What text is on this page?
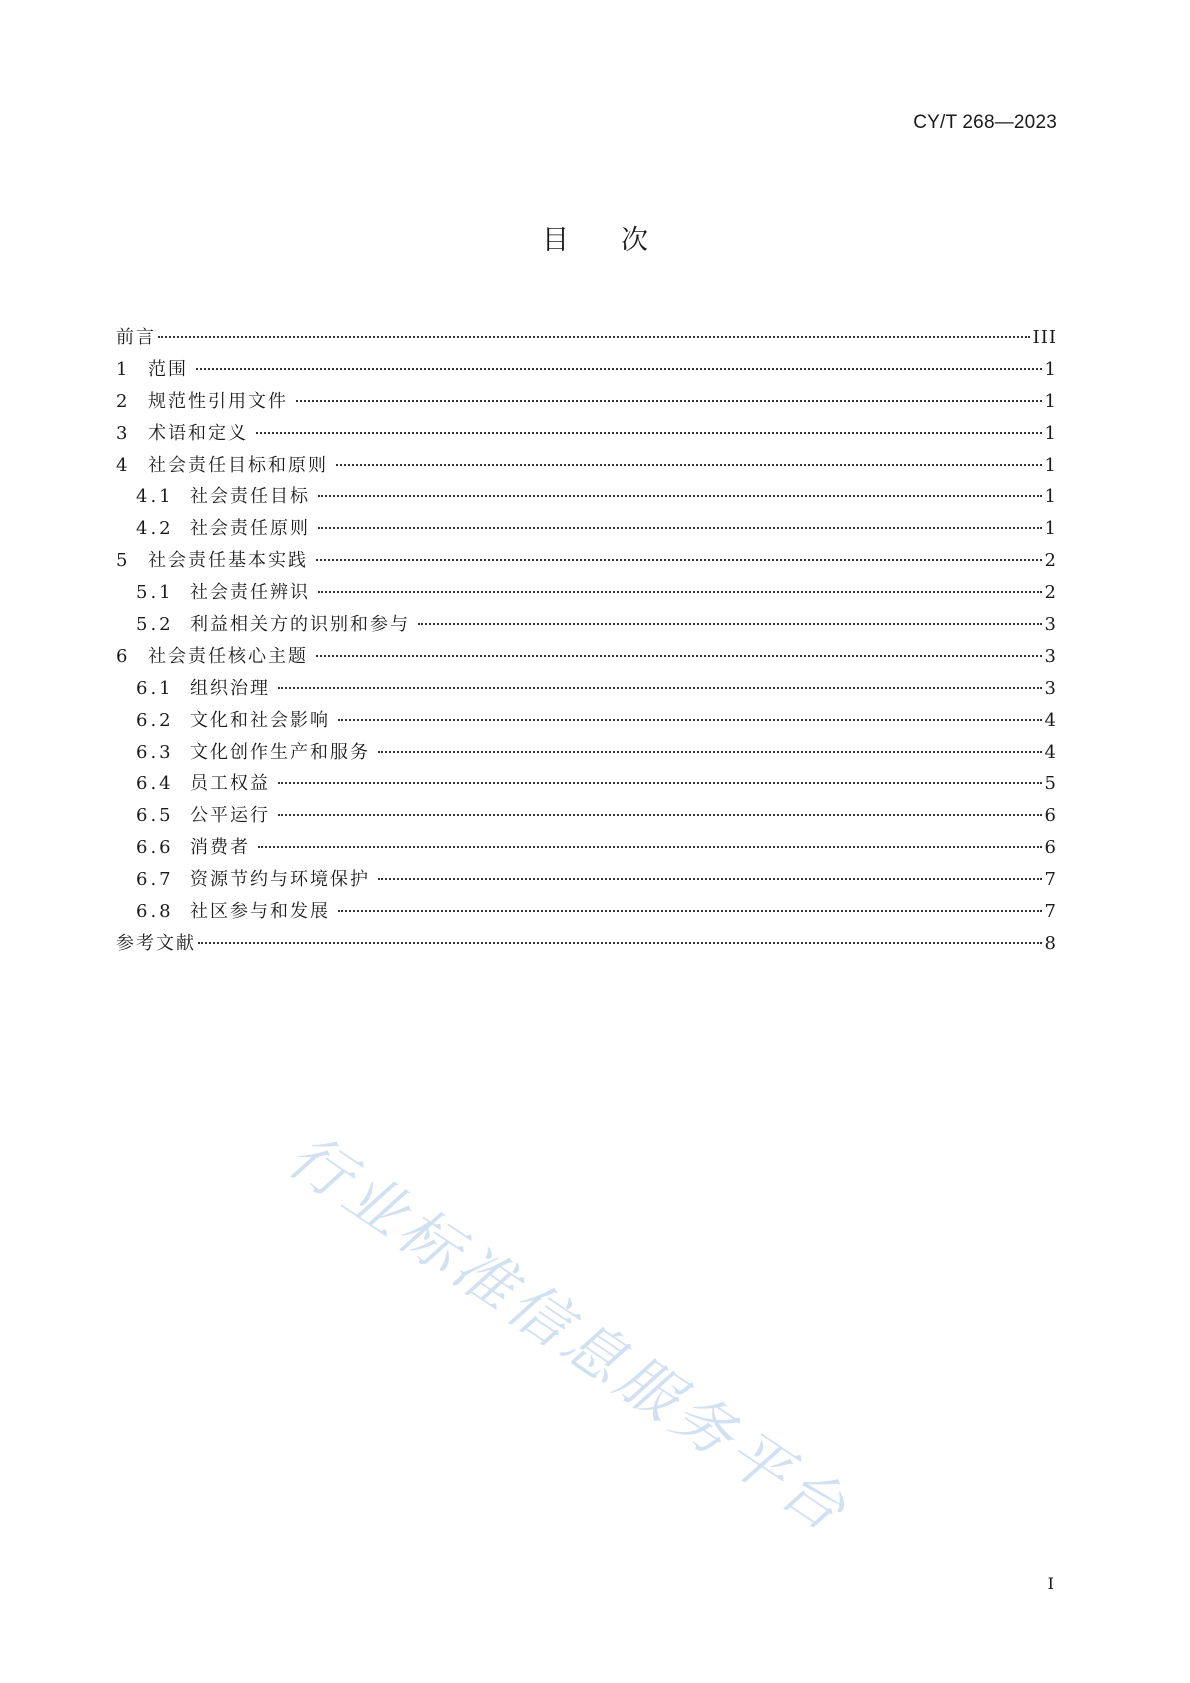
CY/T 268—2023
目次
前言	III
1	范围	1
2	规范性引用文件	1
3	术语和定义	1
4	社会责任目标和原则	1
4.1 社会责任目标	1
4.2 社会责任原则	1
5	社会责任基本实践	2
5.1 社会责任辨识	2
5.2 利益相关方的识别和参与	3
6	社会责任核心主题	3
6.1 组织治理	3
6.2 文化和社会影响	4
6.3 文化创作生产和服务	4
6.4 员工权益	5
6.5 公平运行	6
6.6 消费者	6
6.7 资源节约与环境保护	7
6.8 社区参与和发展	7
参考文献	8
I
行业标准信息服务平台
